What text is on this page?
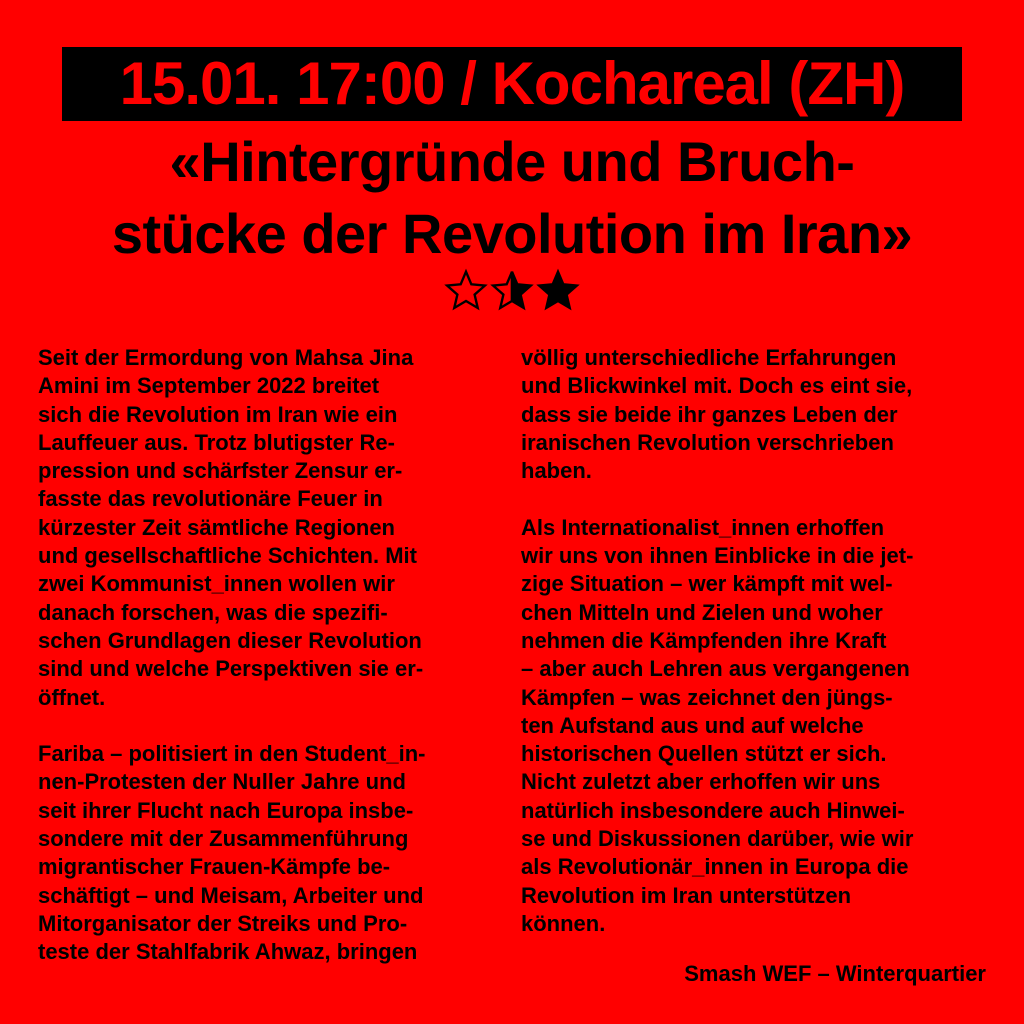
15.01. 17:00 / Kochareal (ZH)
«Hintergründe und Bruch-
stücke der Revolution im Iran»
Seit der Ermordung von Mahsa Jina
Amini im September 2022 breitet
sich die Revolution im Iran wie ein
Lauffeuer aus. Trotz blutigster Re-
pression und schärfster Zensur er-
fasste das revolutionäre Feuer in
kürzester Zeit sämtliche Regionen
und gesellschaftliche Schichten. Mit
zwei Kommunist_innen wollen wir
danach forschen, was die spezifi-
schen Grundlagen dieser Revolution
sind und welche Perspektiven sie er-
öffnet.
Fariba – politisiert in den Student_in-
nen-Protesten der Nuller Jahre und
seit ihrer Flucht nach Europa insbe-
sondere mit der Zusammenführung
migrantischer Frauen-Kämpfe be-
schäftigt – und Meisam, Arbeiter und
Mitorganisator der Streiks und Pro-
teste der Stahlfabrik Ahwaz, bringen
völlig unterschiedliche Erfahrungen
und Blickwinkel mit. Doch es eint sie,
dass sie beide ihr ganzes Leben der
iranischen Revolution verschrieben
haben.
Als Internationalist_innen erhoffen
wir uns von ihnen Einblicke in die jet-
zige Situation – wer kämpft mit wel-
chen Mitteln und Zielen und woher
nehmen die Kämpfenden ihre Kraft
– aber auch Lehren aus vergangenen
Kämpfen – was zeichnet den jüngs-
ten Aufstand aus und auf welche
historischen Quellen stützt er sich.
Nicht zuletzt aber erhoffen wir uns
natürlich insbesondere auch Hinwei-
se und Diskussionen darüber, wie wir
als Revolutionär_innen in Europa die
Revolution im Iran unterstützen
können.
Smash WEF – Winterquartier
